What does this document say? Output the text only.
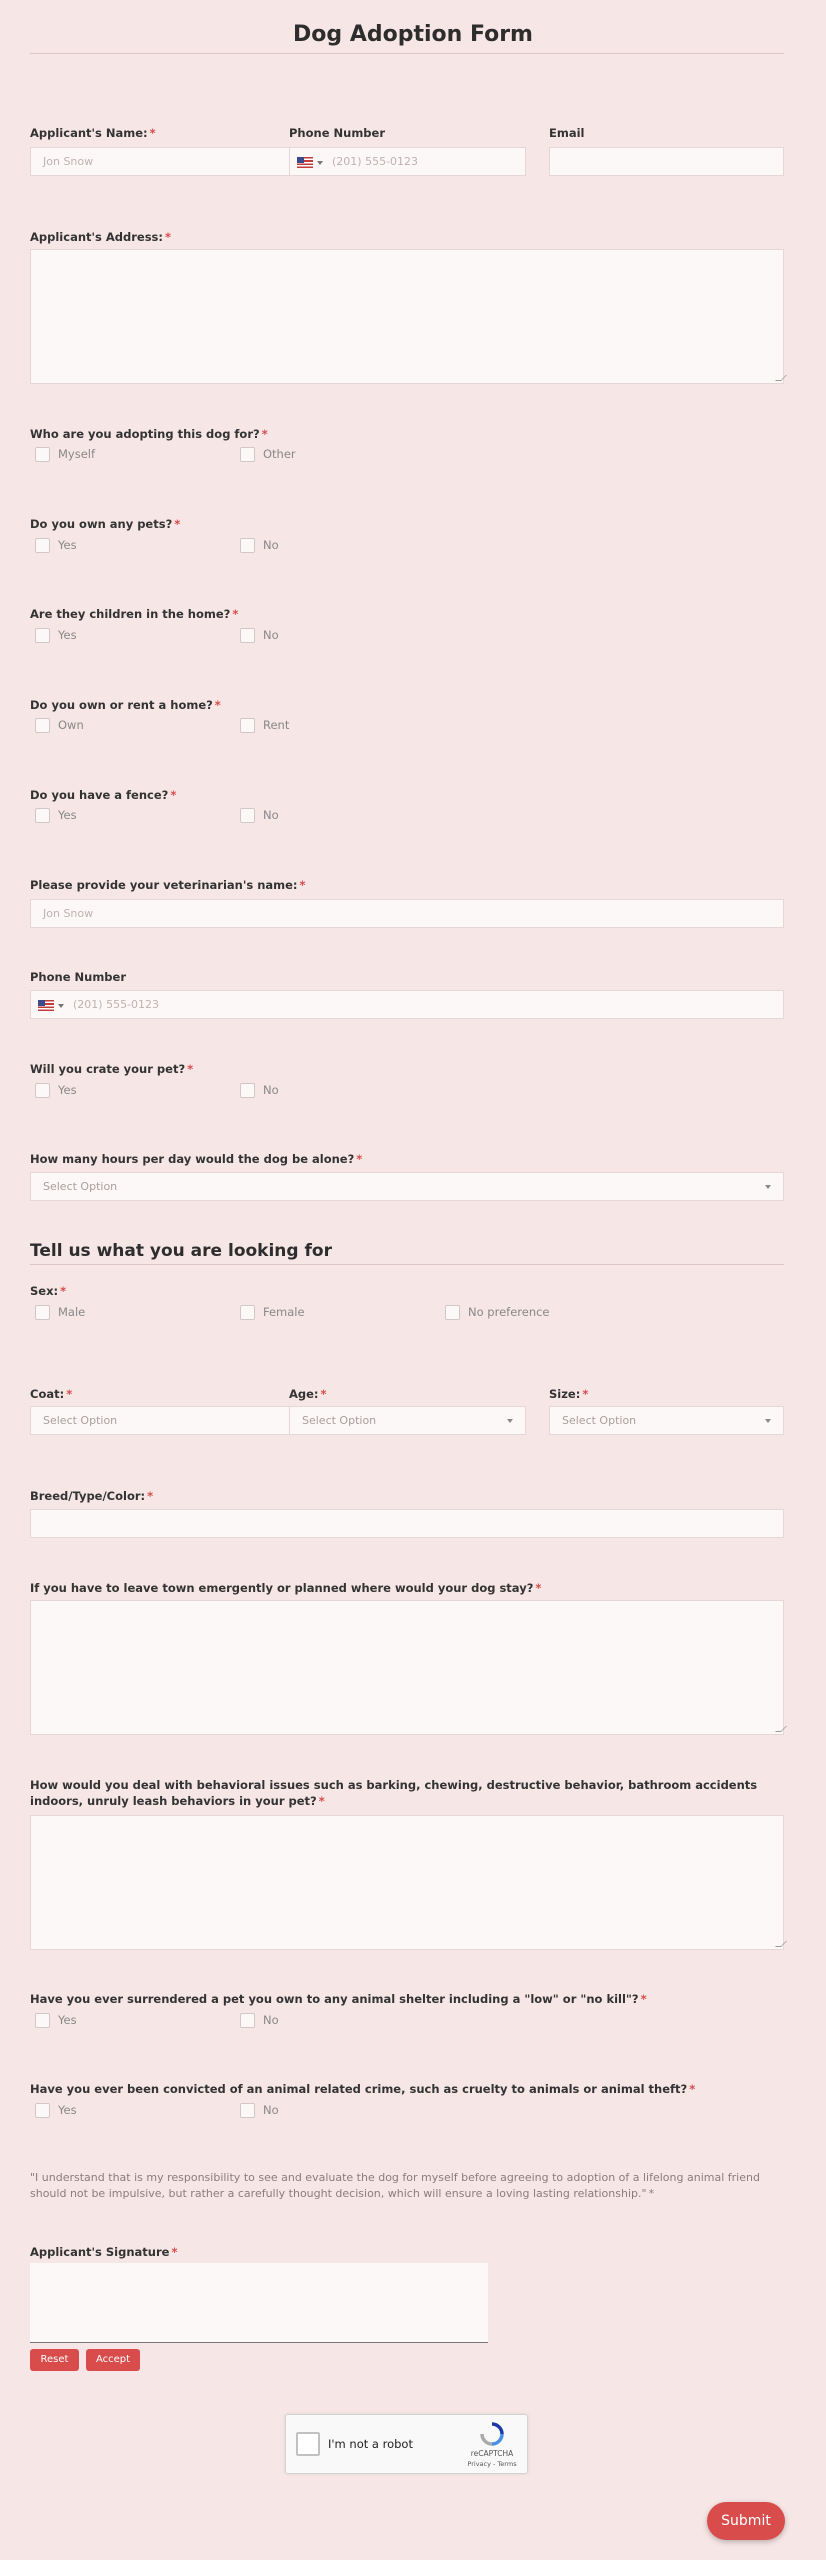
Dog Adoption Form
Applicant's Name: *
Jon Snow
Phone Number
(201) 555-0123
Email
Applicant's Address: *
Who are you adopting this dog for? *
Myself	Other
Do you own any pets? *
Yes	No
Are they children in the home? *
Yes	No
Do you own or rent a home? *
Own	Rent
Do you have a fence? *
Yes	No
Please provide your veterinarian's name: *
Jon Snow
Phone Number
(201) 555-0123
Will you crate your pet? *
Yes	No
How many hours per day would the dog be alone? *
Select Option
Tell us what you are looking for
Sex: *
Male	Female	No preference
Coat: *
Select Option
Age: *
Select Option
Size: *
Select Option
Breed/Type/Color: *
If you have to leave town emergently or planned where would your dog stay? *
How would you deal with behavioral issues such as barking, chewing, destructive behavior, bathroom accidents indoors, unruly leash behaviors in your pet? *
Have you ever surrendered a pet you own to any animal shelter including a "low" or "no kill"? *
Yes	No
Have you ever been convicted of an animal related crime, such as cruelty to animals or animal theft? *
Yes	No
"I understand that is my responsibility to see and evaluate the dog for myself before agreeing to adoption of a lifelong animal friend should not be impulsive, but rather a carefully thought decision, which will ensure a loving lasting relationship." *
Applicant's Signature *
Reset	Accept
I'm not a robot
reCAPTCHA
Privacy - Terms
Submit
